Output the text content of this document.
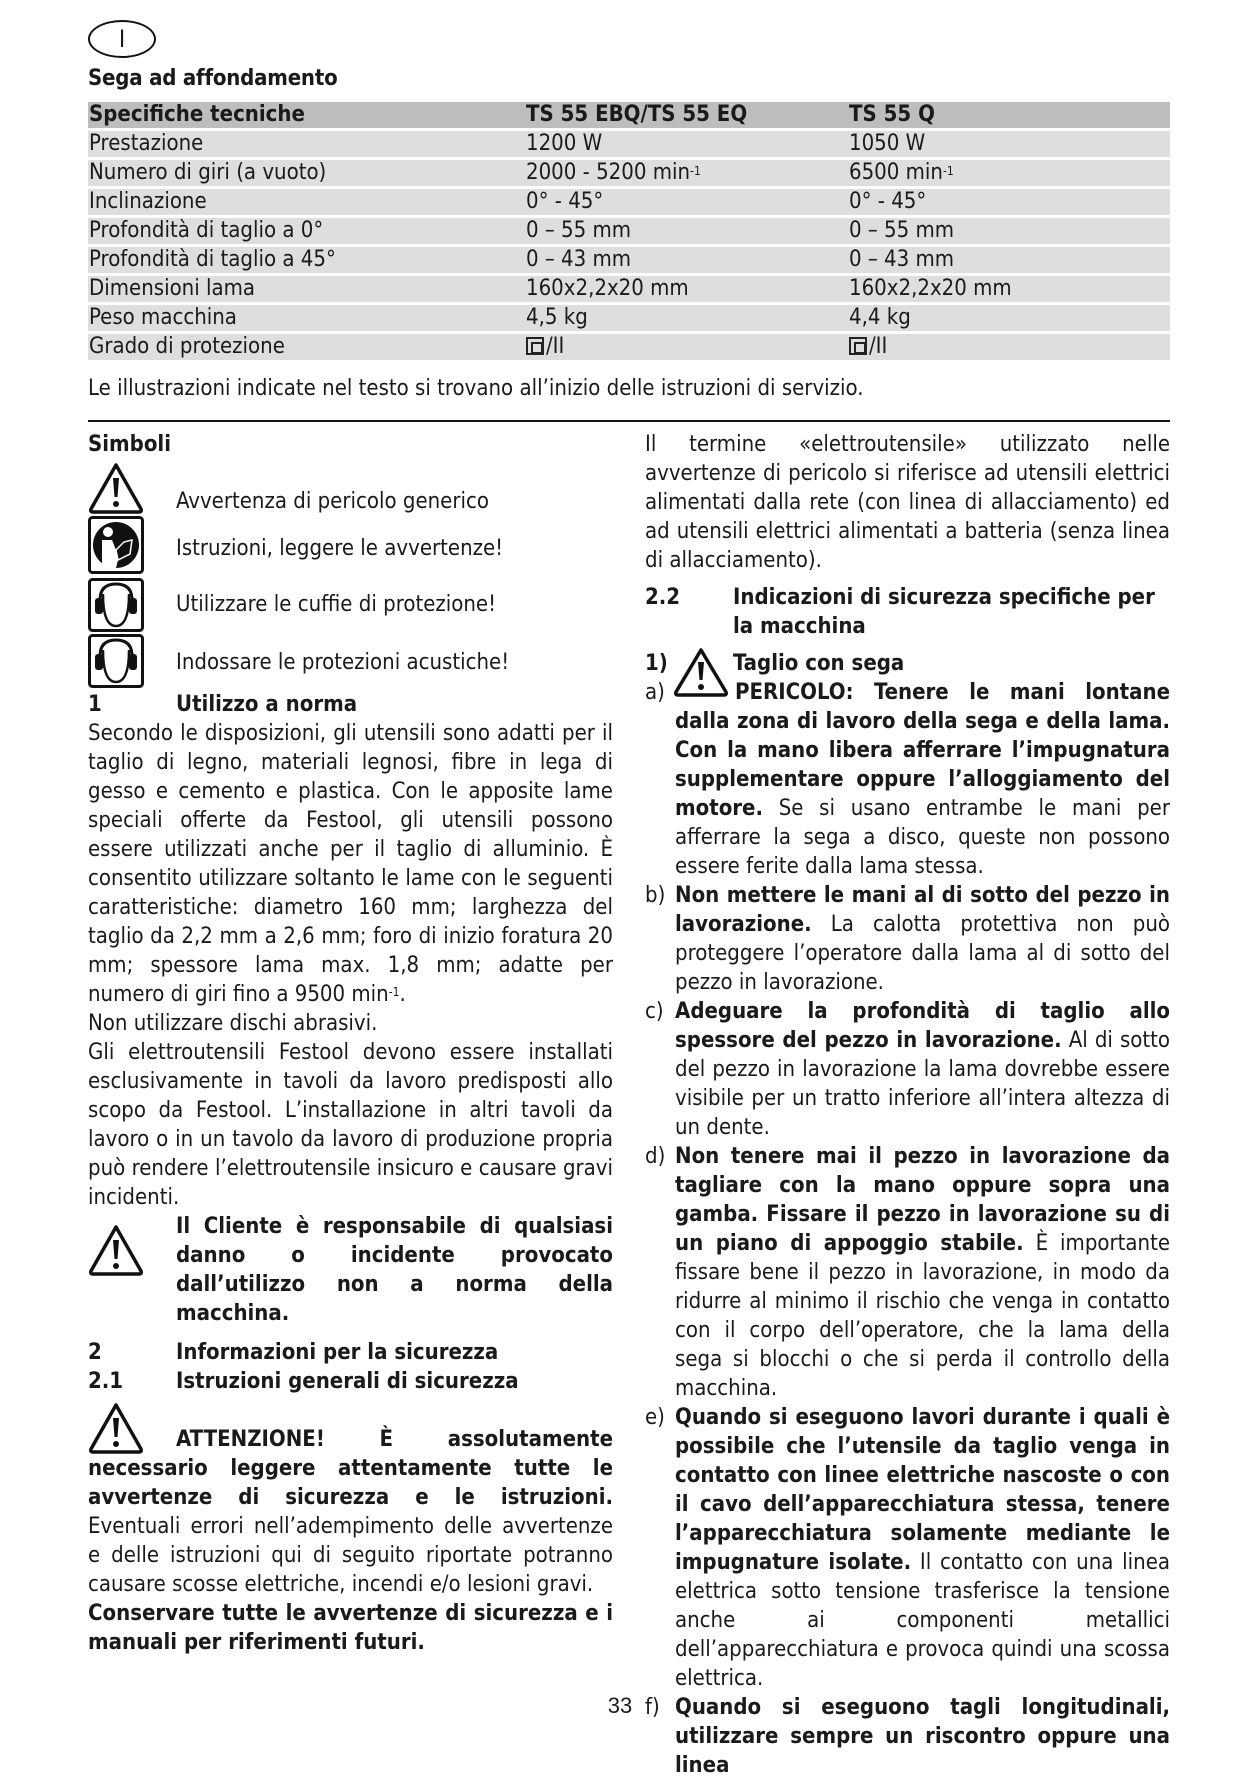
I
Sega ad affondamento
Specifiche tecniche	TS 55 EBQ/TS 55 EQ	TS 55 Q
Prestazione	1200 W	1050 W
Numero di giri (a vuoto)	2000 - 5200 $\min^{-1}$	6500 $\min^{-1}$
Inclinazione	0° - 45°	0° - 45°
Profondità di taglio a 0°	0 – 55 mm	0 – 55 mm
Profondità di taglio a 45°	0 – 43 mm	0 – 43 mm
Dimensioni lama	160x2,2x20 mm	160x2,2x20 mm
Peso macchina	4,5 kg	4,4 kg
Grado di protezione	/II	/II
Le illustrazioni indicate nel testo si trovano all’inizio delle istruzioni di servizio.
Simboli
Avvertenza di pericolo generico
Istruzioni, leggere le avvertenze!
Utilizzare le cuffie di protezione!
Indossare le protezioni acustiche!
1	Utilizzo a norma

Secondo le disposizioni, gli utensili sono adatti per il taglio di legno, materiali legnosi, fibre in lega di gesso e cemento e plastica. Con le apposite lame speciali offerte da Festool, gli utensili possono essere utilizzati anche per il taglio di alluminio. È consentito utilizzare soltanto le lame con le seguenti caratteristiche: diametro 160 mm; larghezza del taglio da 2,2 mm a 2,6 mm; foro di inizio foratura 20 mm; spessore lama max. 1,8 mm; adatte per numero di giri fino a 9500 $\min^{-1}$.

Non utilizzare dischi abrasivi.

Gli elettroutensili Festool devono essere installati esclusivamente in tavoli da lavoro predisposti allo scopo da Festool. L’installazione in altri tavoli da lavoro o in un tavolo da lavoro di produzione propria può rendere l’elettroutensile insicuro e causare gravi incidenti.

Il Cliente è responsabile di qualsiasi danno o incidente provocato dall’utilizzo non a norma della macchina.
2	Informazioni per la sicurezza
2.1	Istruzioni generali di sicurezza

ATTENZIONE! È assolutamente necessario leggere attentamente tutte le avvertenze di sicurezza e le istruzioni. Eventuali errori nell’adempimento delle avvertenze e delle istruzioni qui di seguito riportate potranno causare scosse elettriche, incendi e/o lesioni gravi.

Conservare tutte le avvertenze di sicurezza e i manuali per riferimenti futuri.

Il termine «elettroutensile» utilizzato nelle avvertenze di pericolo si riferisce ad utensili elettrici alimentati dalla rete (con linea di allacciamento) ed ad utensili elettrici alimentati a batteria (senza linea di allacciamento).

2.2	Indicazioni di sicurezza specifiche per la macchina
1)	Taglio con sega
a)	PERICOLO: Tenere le mani lontane dalla zona di lavoro della sega e della lama. Con la mano libera afferrare l’impugnatura supplementare oppure l’alloggiamento del motore. Se si usano entrambe le mani per afferrare la sega a disco, queste non possono essere ferite dalla lama stessa.

b) Non mettere le mani al di sotto del pezzo in lavorazione. La calotta protettiva non può proteggere l’operatore dalla lama al di sotto del pezzo in lavorazione.

c) Adeguare la profondità di taglio allo spessore del pezzo in lavorazione. Al di sotto del pezzo in lavorazione la lama dovrebbe essere visibile per un tratto inferiore all’intera altezza di un dente.

d) Non tenere mai il pezzo in lavorazione da tagliare con la mano oppure sopra una gamba. Fissare il pezzo in lavorazione su di un piano di appoggio stabile. È importante fissare bene il pezzo in lavorazione, in modo da ridurre al minimo il rischio che venga in contatto con il corpo dell’operatore, che la lama della sega si blocchi o che si perda il controllo della macchina.

e) Quando si eseguono lavori durante i quali è possibile che l’utensile da taglio venga in contatto con linee elettriche nascoste o con il cavo dell’apparecchiatura stessa, tenere l’apparecchiatura solamente mediante le impugnature isolate. Il contatto con una linea elettrica sotto tensione trasferisce la tensione anche ai componenti metallici dell’apparecchiatura e provoca quindi una scossa elettrica.

f) Quando si eseguono tagli longitudinali, utilizzare sempre un riscontro oppure una linea

33
